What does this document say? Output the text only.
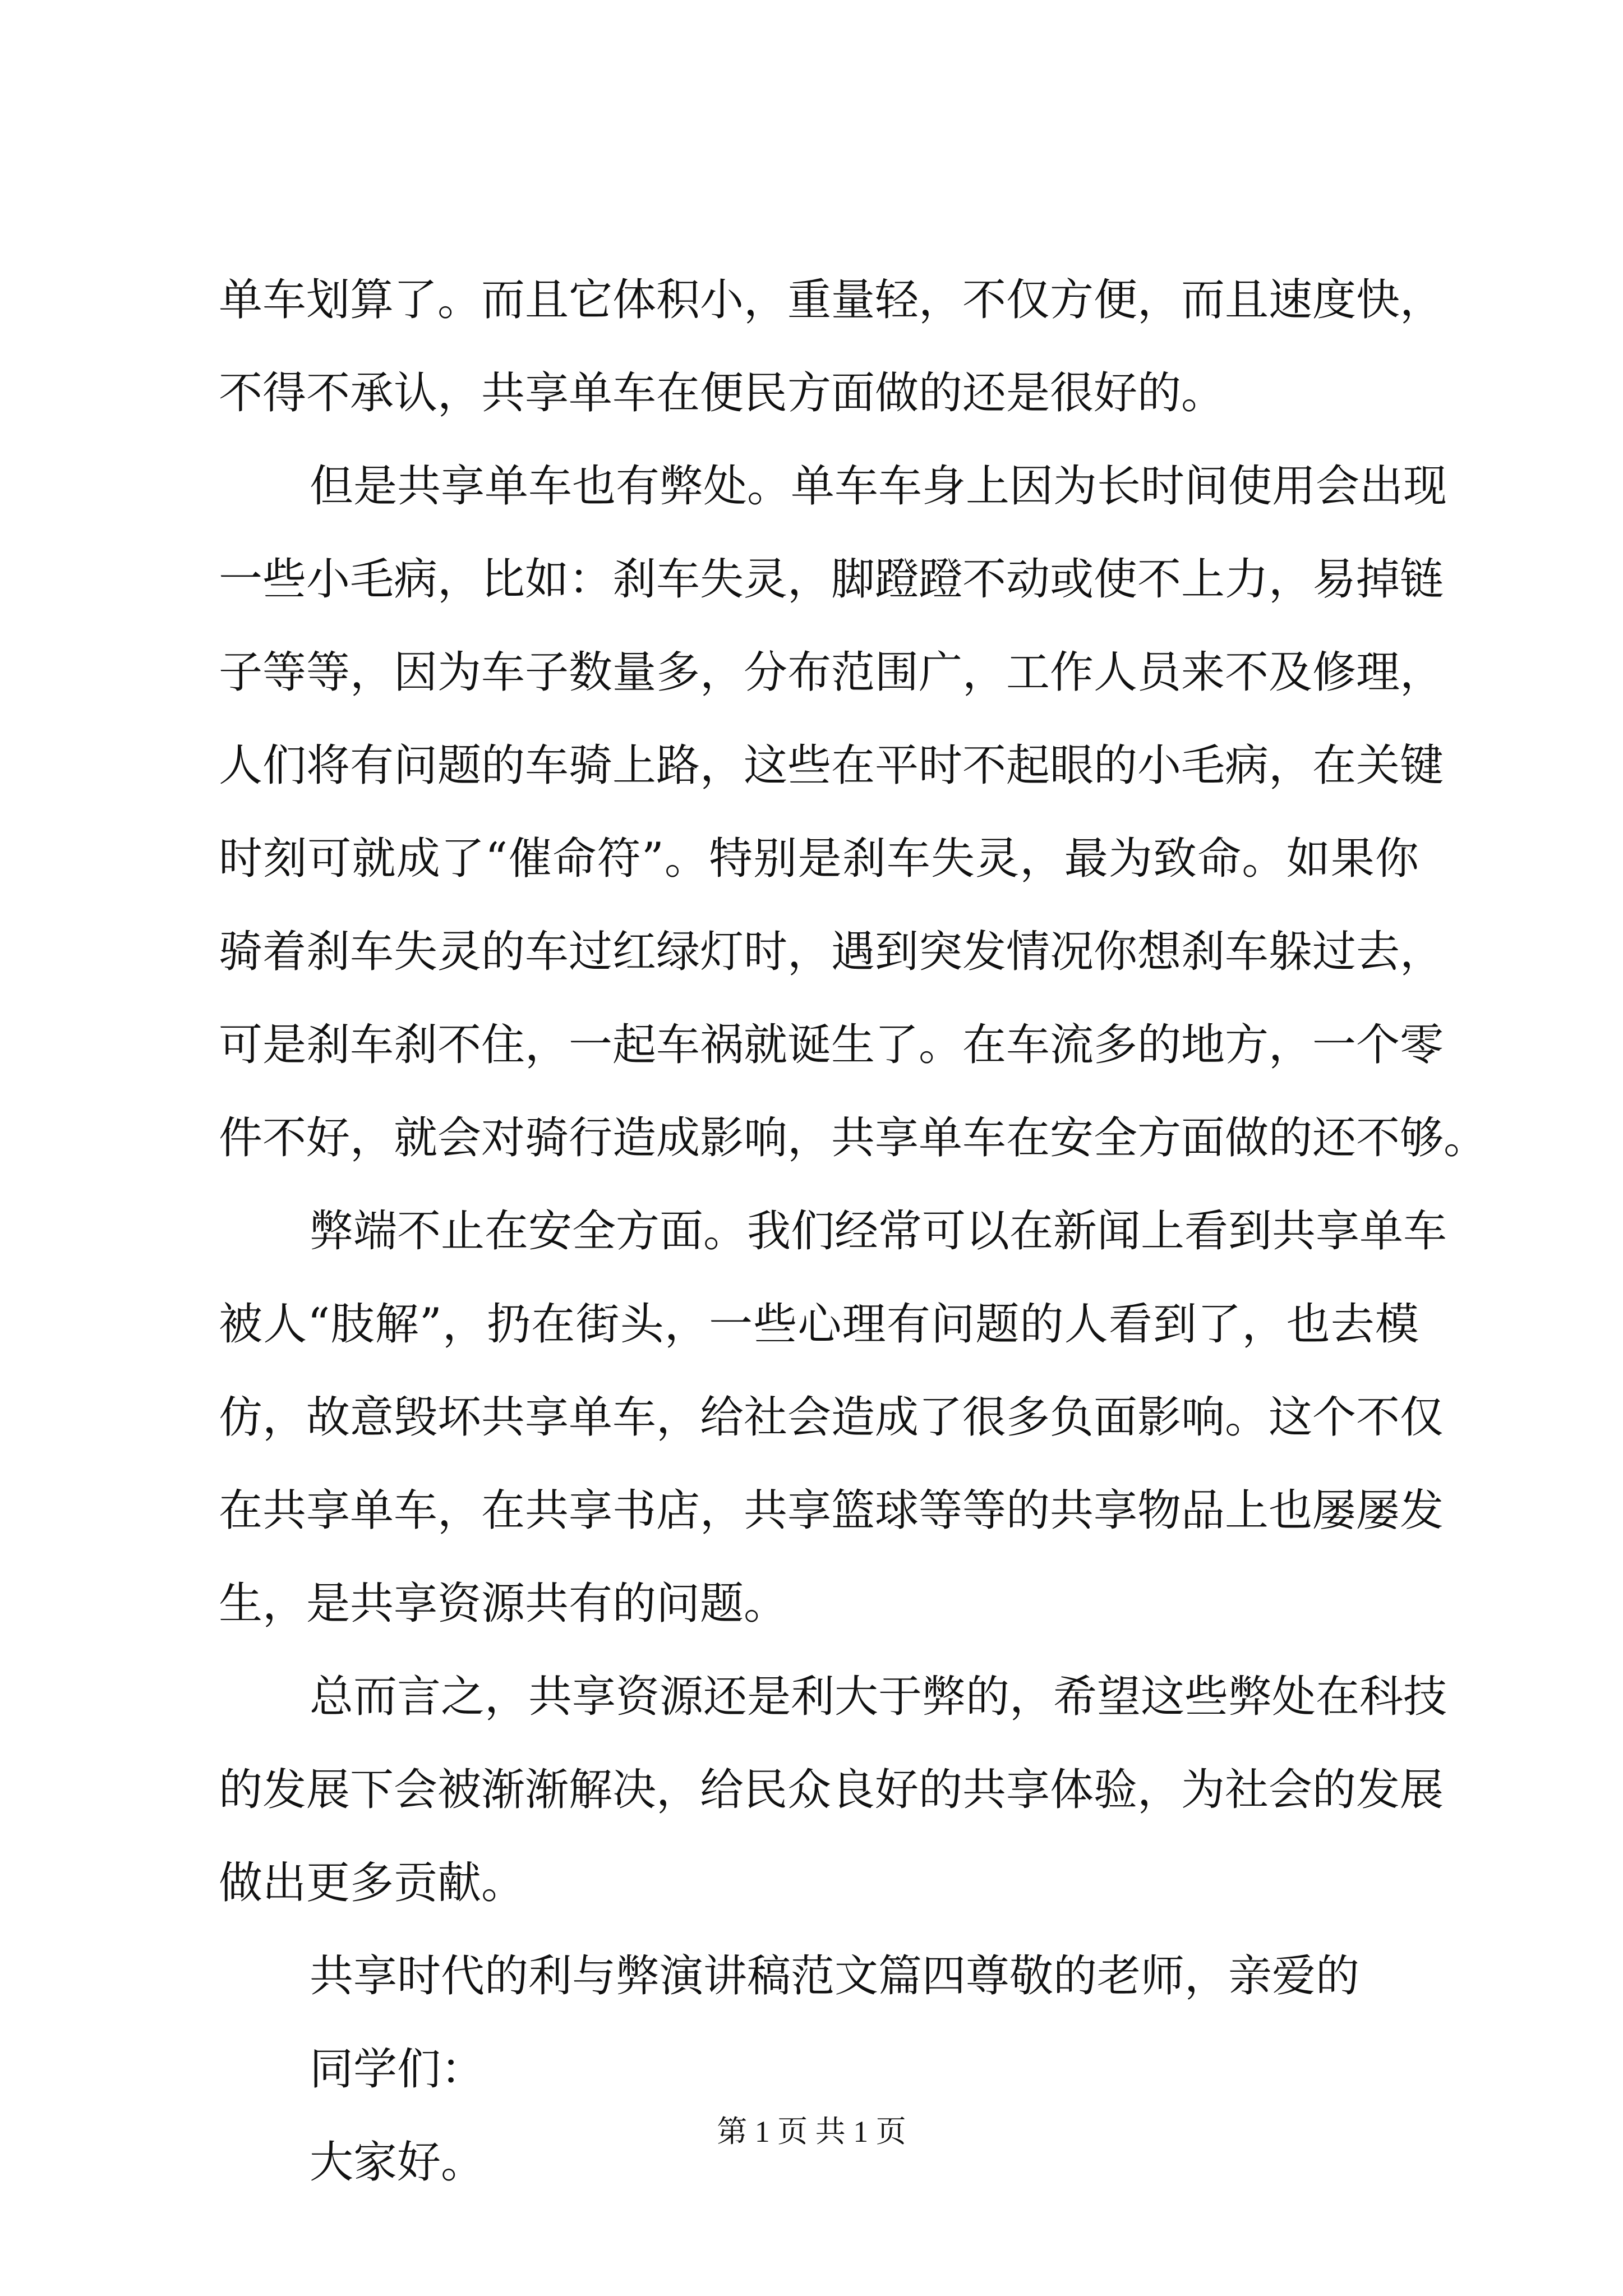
单车划算了。而且它体积小，重量轻，不仅方便，而且速度快，
不得不承认，共享单车在便民方面做的还是很好的。
但是共享单车也有弊处。单车车身上因为长时间使用会出现
一些小毛病，比如：刹车失灵，脚蹬蹬不动或使不上力，易掉链
子等等，因为车子数量多，分布范围广，工作人员来不及修理，
人们将有问题的车骑上路，这些在平时不起眼的小毛病，在关键
时刻可就成了“催命符”。特别是刹车失灵，最为致命。如果你
骑着刹车失灵的车过红绿灯时，遇到突发情况你想刹车躲过去，
可是刹车刹不住，一起车祸就诞生了。在车流多的地方，一个零
件不好，就会对骑行造成影响，共享单车在安全方面做的还不够。
弊端不止在安全方面。我们经常可以在新闻上看到共享单车
被人“肢解”，扔在街头，一些心理有问题的人看到了，也去模
仿，故意毁坏共享单车，给社会造成了很多负面影响。这个不仅
在共享单车，在共享书店，共享篮球等等的共享物品上也屡屡发
生，是共享资源共有的问题。
总而言之，共享资源还是利大于弊的，希望这些弊处在科技
的发展下会被渐渐解决，给民众良好的共享体验，为社会的发展
做出更多贡献。
共享时代的利与弊演讲稿范文篇四尊敬的老师，亲爱的
同学们：
大家好。
第 1 页 共 1 页
